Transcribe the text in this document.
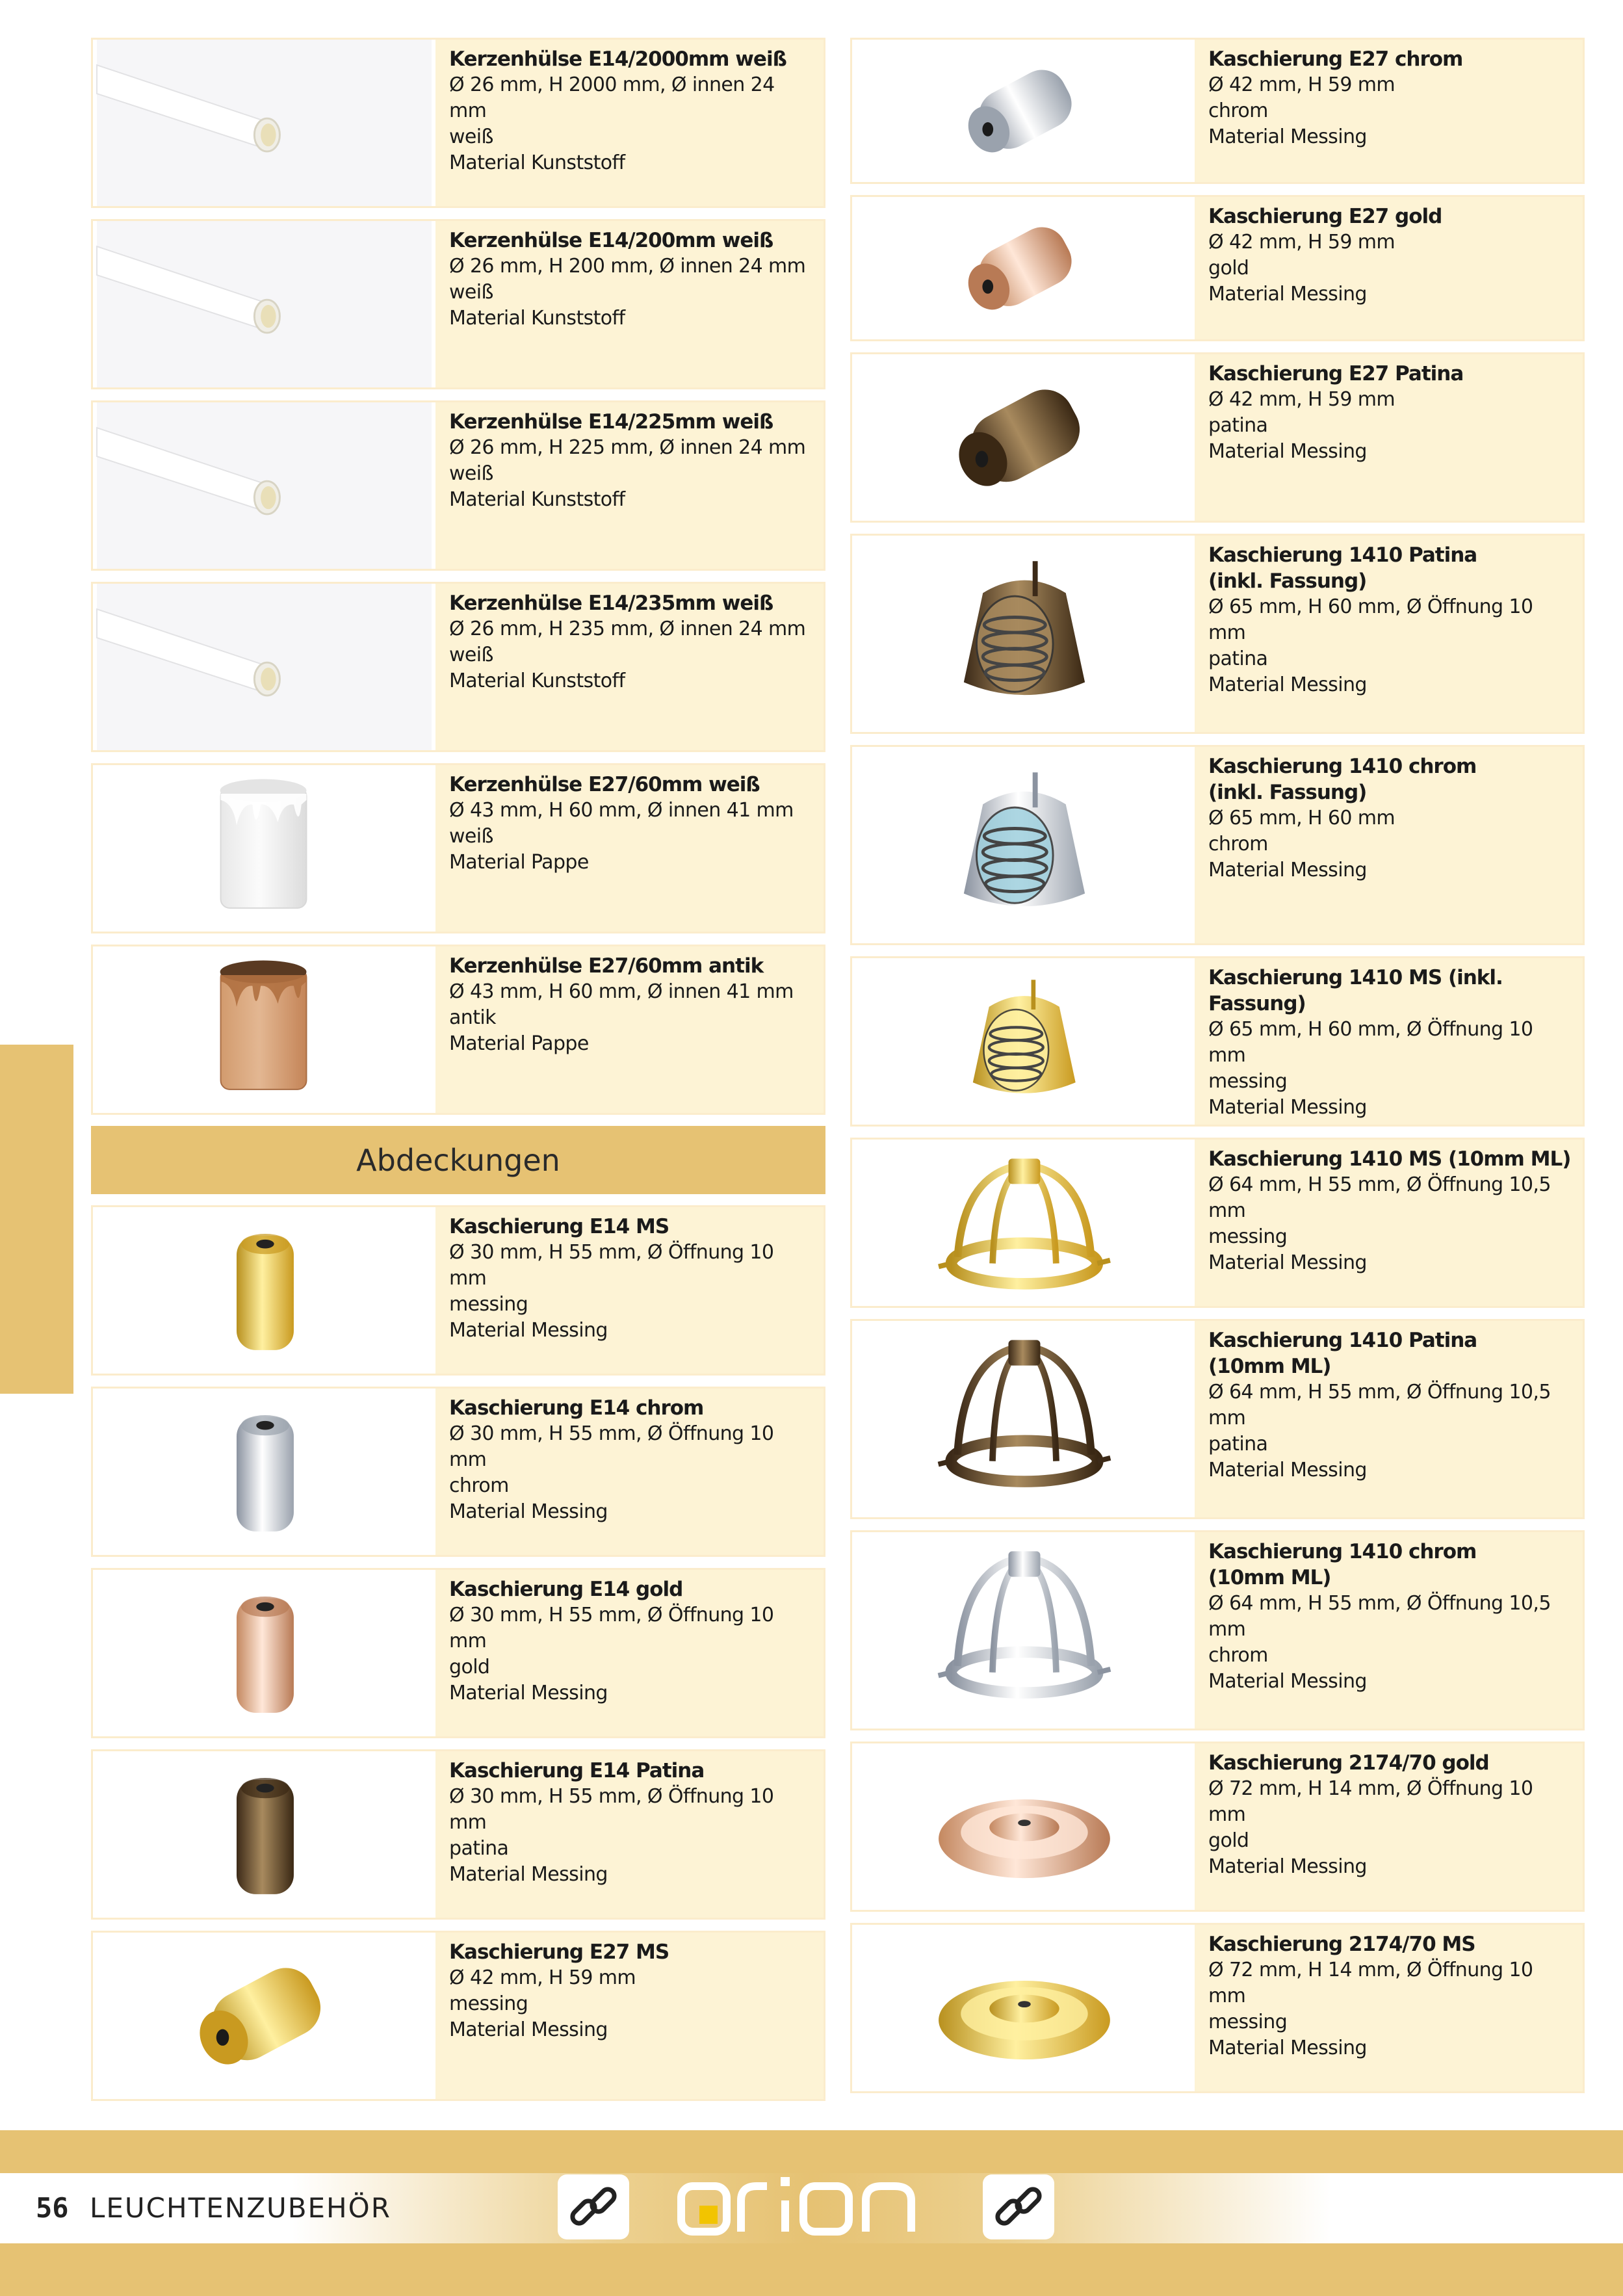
Kerzenhülse E14/2000mm weiß
Ø 26 mm, H 2000 mm, Ø innen 24 mm
weiß
Material Kunststoff
Kerzenhülse E14/200mm weiß
Ø 26 mm, H 200 mm, Ø innen 24 mm
weiß
Material Kunststoff
Kerzenhülse E14/225mm weiß
Ø 26 mm, H 225 mm, Ø innen 24 mm
weiß
Material Kunststoff
Kerzenhülse E14/235mm weiß
Ø 26 mm, H 235 mm, Ø innen 24 mm
weiß
Material Kunststoff
Kerzenhülse E27/60mm weiß
Ø 43 mm, H 60 mm, Ø innen 41 mm
weiß
Material Pappe
Kerzenhülse E27/60mm antik
Ø 43 mm, H 60 mm, Ø innen 41 mm
antik
Material Pappe
Abdeckungen
Kaschierung E14 MS
Ø 30 mm, H 55 mm, Ø Öffnung 10 mm
messing
Material Messing
Kaschierung E14 chrom
Ø 30 mm, H 55 mm, Ø Öffnung 10 mm
chrom
Material Messing
Kaschierung E14 gold
Ø 30 mm, H 55 mm, Ø Öffnung 10 mm
gold
Material Messing
Kaschierung E14 Patina
Ø 30 mm, H 55 mm, Ø Öffnung 10 mm
patina
Material Messing
Kaschierung E27 MS
Ø 42 mm, H 59 mm
messing
Material Messing
Kaschierung E27 chrom
Ø 42 mm, H 59 mm
chrom
Material Messing
Kaschierung E27 gold
Ø 42 mm, H 59 mm
gold
Material Messing
Kaschierung E27 Patina
Ø 42 mm, H 59 mm
patina
Material Messing
Kaschierung 1410 Patina
(inkl. Fassung)
Ø 65 mm, H 60 mm, Ø Öffnung 10 mm
patina
Material Messing
Kaschierung 1410 chrom
(inkl. Fassung)
Ø 65 mm, H 60 mm
chrom
Material Messing
Kaschierung 1410 MS (inkl. Fassung)
Ø 65 mm, H 60 mm, Ø Öffnung 10 mm
messing
Material Messing
Kaschierung 1410 MS (10mm ML)
Ø 64 mm, H 55 mm, Ø Öffnung 10,5 mm
messing
Material Messing
Kaschierung 1410 Patina
(10mm ML)
Ø 64 mm, H 55 mm, Ø Öffnung 10,5 mm
patina
Material Messing
Kaschierung 1410 chrom
(10mm ML)
Ø 64 mm, H 55 mm, Ø Öffnung 10,5 mm
chrom
Material Messing
Kaschierung 2174/70 gold
Ø 72 mm, H 14 mm, Ø Öffnung 10 mm
gold
Material Messing
Kaschierung 2174/70 MS
Ø 72 mm, H 14 mm, Ø Öffnung 10 mm
messing
Material Messing
56 LEUCHTENZUBEHÖR
